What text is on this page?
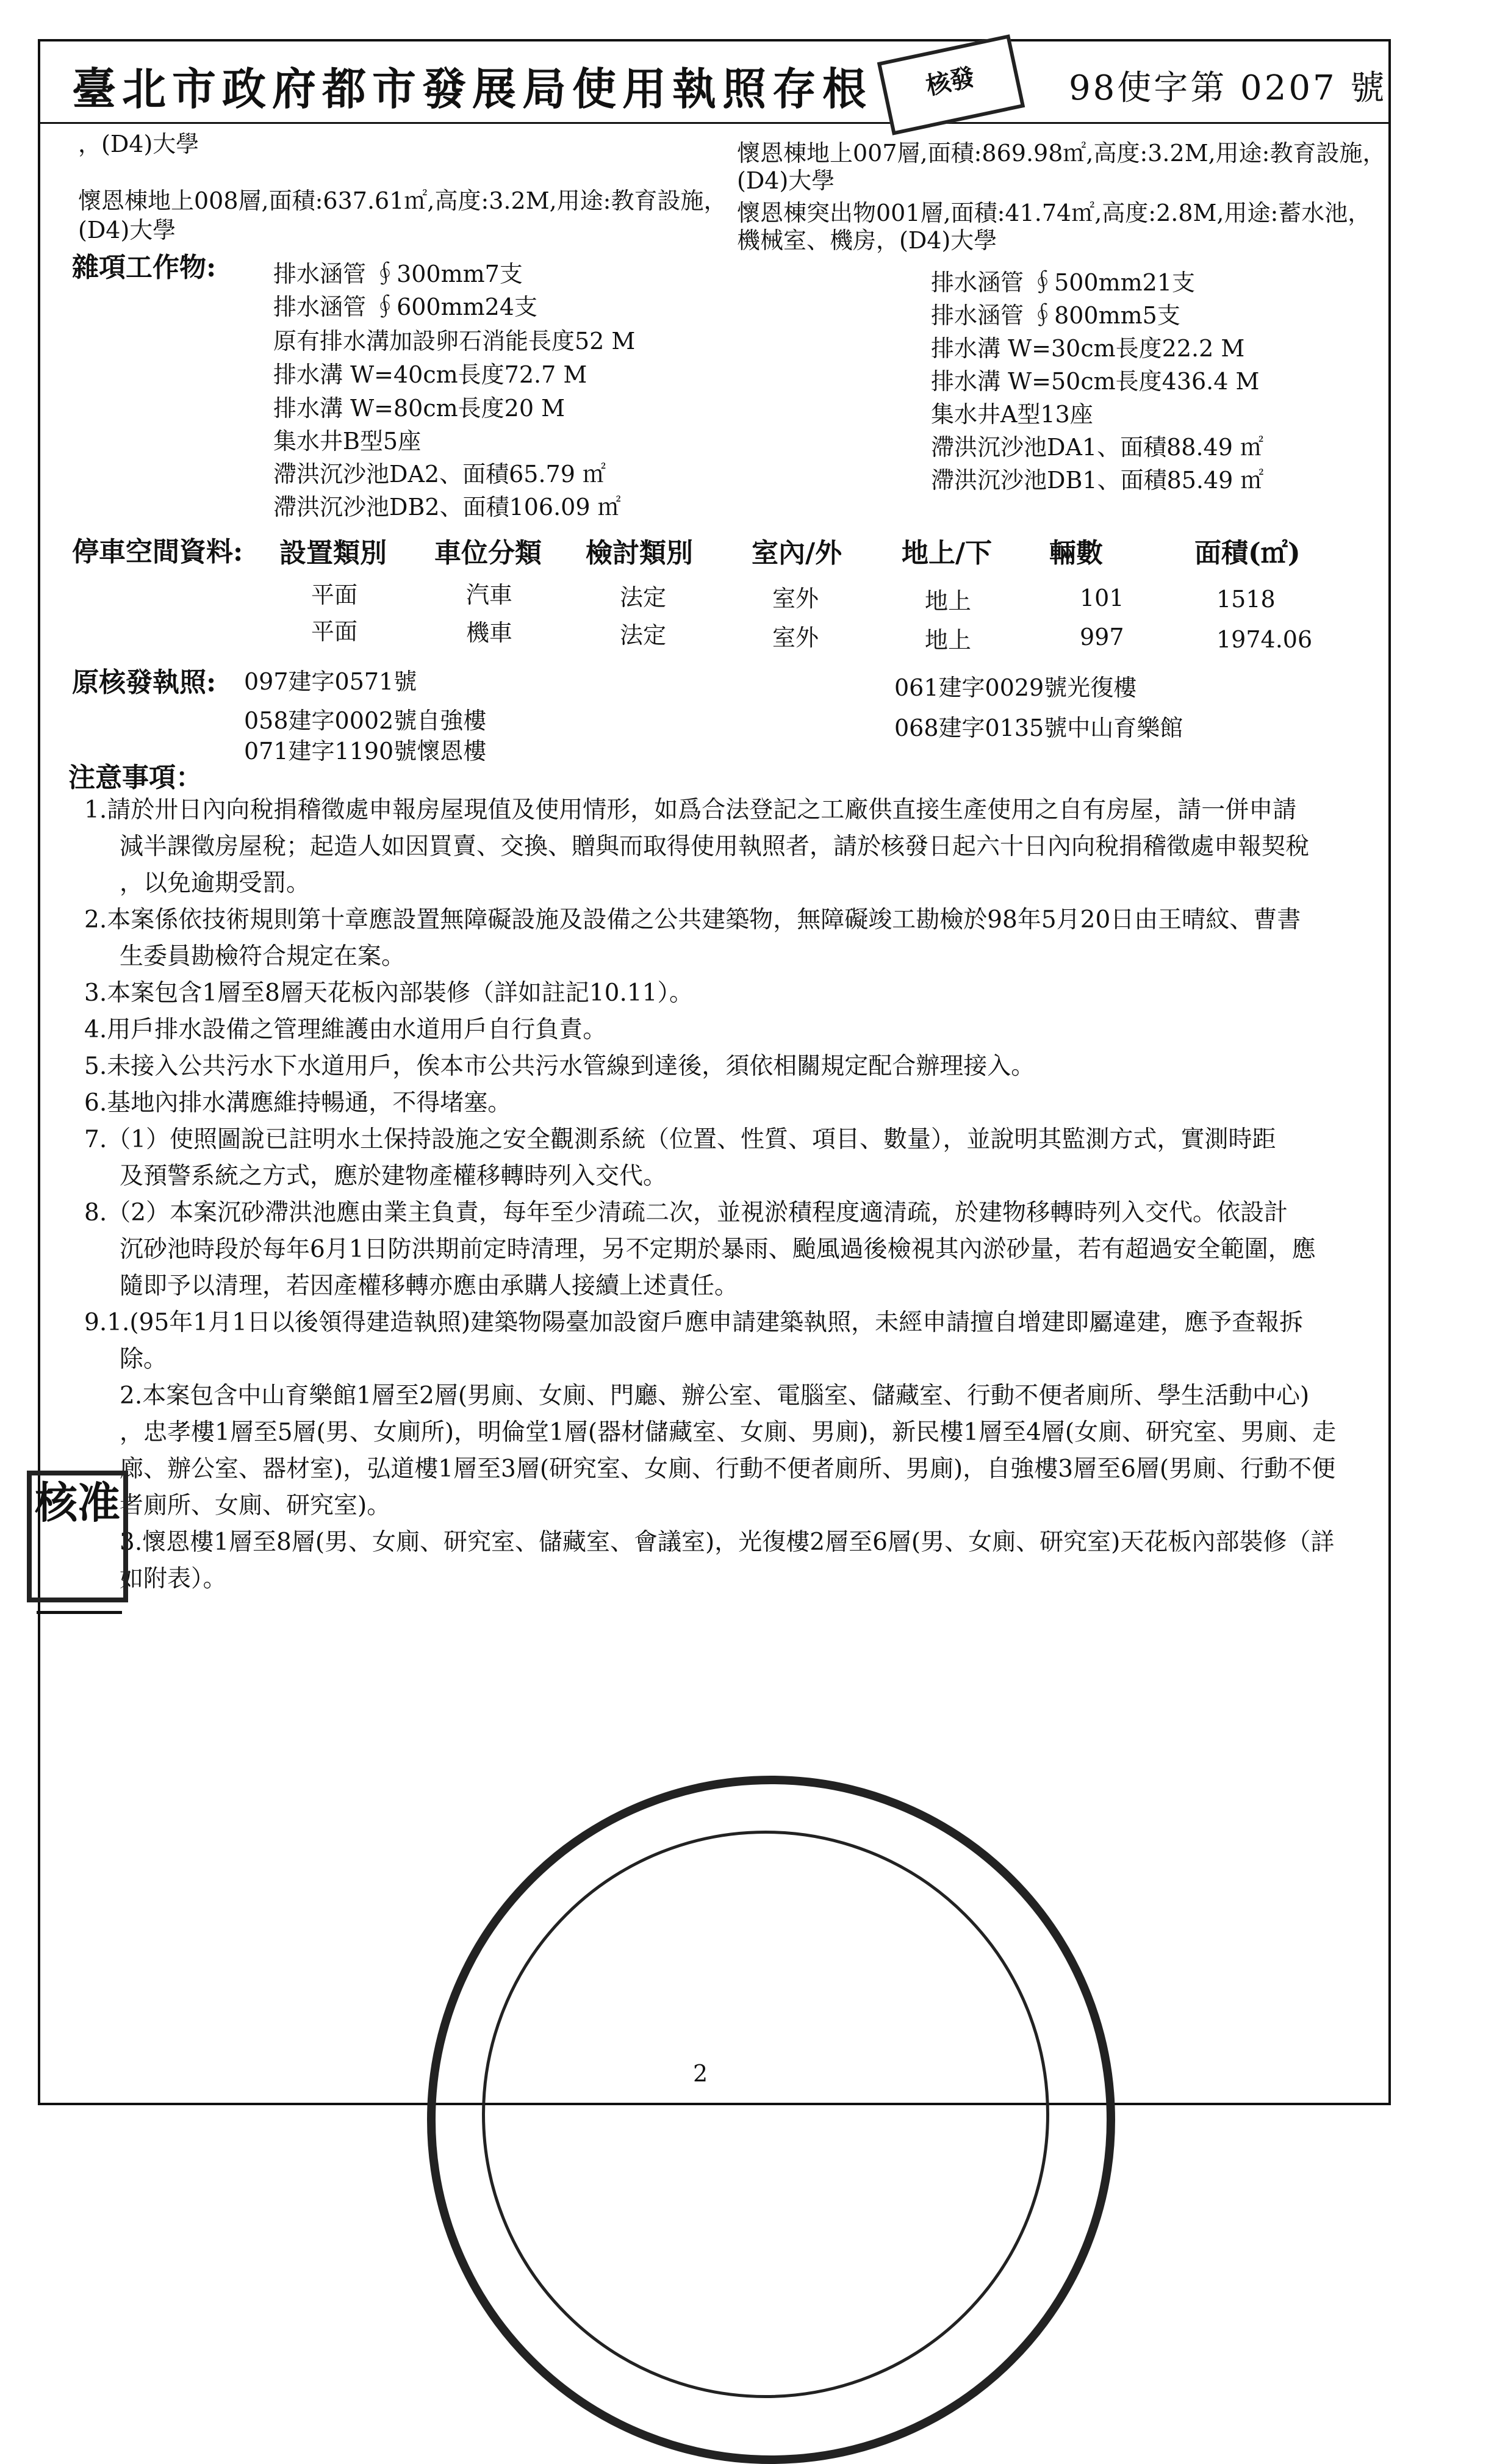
臺北市政府都市發展局使用執照存根	核發	98使字第 0207 號
，(D4)大學
懷恩棟地上008層,面積:637.61㎡,高度:3.2M,用途:教育設施，
(D4)大學
懷恩棟地上007層,面積:869.98㎡,高度:3.2M,用途:教育設施，
(D4)大學
懷恩棟突出物001層,面積:41.74㎡,高度:2.8M,用途:蓄水池，
機械室、機房，(D4)大學
雜項工作物: 排水涵管 ∮300mm7支
排水涵管 ∮600mm24支
原有排水溝加設卵石消能長度52 M
排水溝 W=40cm長度72.7 M
排水溝 W=80cm長度20 M
集水井B型5座
滯洪沉沙池DA2、面積65.79 ㎡
滯洪沉沙池DB2、面積106.09 ㎡
排水涵管 ∮500mm21支
排水涵管 ∮800mm5支
排水溝 W=30cm長度22.2 M
排水溝 W=50cm長度436.4 M
集水井A型13座
滯洪沉沙池DA1、面積88.49 ㎡
滯洪沉沙池DB1、面積85.49 ㎡
停車空間資料: 設置類別 車位分類 檢討類別 室內/外 地上/下 輛數	面積(㎡)
平面	汽車	法定	室外	地上	101	1518
平面	機車	法定	室外	地上	997	1974.06
原核發執照: 097建字0571號
058建字0002號自強樓
071建字1190號懷恩樓
061建字0029號光復樓
068建字0135號中山育樂館
注意事項：

1.請於卅日內向稅捐稽徵處申報房屋現值及使用情形，如爲合法登記之工廠供直接生產使用之自有房屋，請一併申請

減半課徵房屋稅；起造人如因買賣、交換、贈與而取得使用執照者，請於核發日起六十日內向稅捐稽徵處申報契稅

，以免逾期受罰。

2.本案係依技術規則第十章應設置無障礙設施及設備之公共建築物，無障礙竣工勘檢於98年5月20日由王晴紋、曹書

生委員勘檢符合規定在案。

3.本案包含1層至8層天花板內部裝修（詳如註記10.11）。

4.用戶排水設備之管理維護由水道用戶自行負責。

5.未接入公共污水下水道用戶，俟本市公共污水管線到達後，須依相關規定配合辦理接入。

6.基地內排水溝應維持暢通，不得堵塞。

7.（1）使照圖說已註明水土保持設施之安全觀測系統（位置、性質、項目、數量），並說明其監測方式，實測時距

及預警系統之方式，應於建物產權移轉時列入交代。

8.（2）本案沉砂滯洪池應由業主負責，每年至少清疏二次，並視淤積程度適清疏，於建物移轉時列入交代。依設計

沉砂池時段於每年6月1日防洪期前定時清理，另不定期於暴雨、颱風過後檢視其內淤砂量，若有超過安全範圍，應

隨即予以清理，若因產權移轉亦應由承購人接續上述責任。

9.1.(95年1月1日以後領得建造執照)建築物陽臺加設窗戶應申請建築執照，未經申請擅自增建即屬違建，應予查報拆

除。

2.本案包含中山育樂館1層至2層(男廁、女廁、門廳、辦公室、電腦室、儲藏室、行動不便者廁所、學生活動中心)

，忠孝樓1層至5層(男、女廁所)，明倫堂1層(器材儲藏室、女廁、男廁)，新民樓1層至4層(女廁、研究室、男廁、走

廊、辦公室、器材室)，弘道樓1層至3層(研究室、女廁、行動不便者廁所、男廁)，自強樓3層至6層(男廁、行動不便

者廁所、女廁、研究室)。

3.懷恩樓1層至8層(男、女廁、研究室、儲藏室、會議室)，光復樓2層至6層(男、女廁、研究室)天花板內部裝修（詳

如附表）。

核准
2
